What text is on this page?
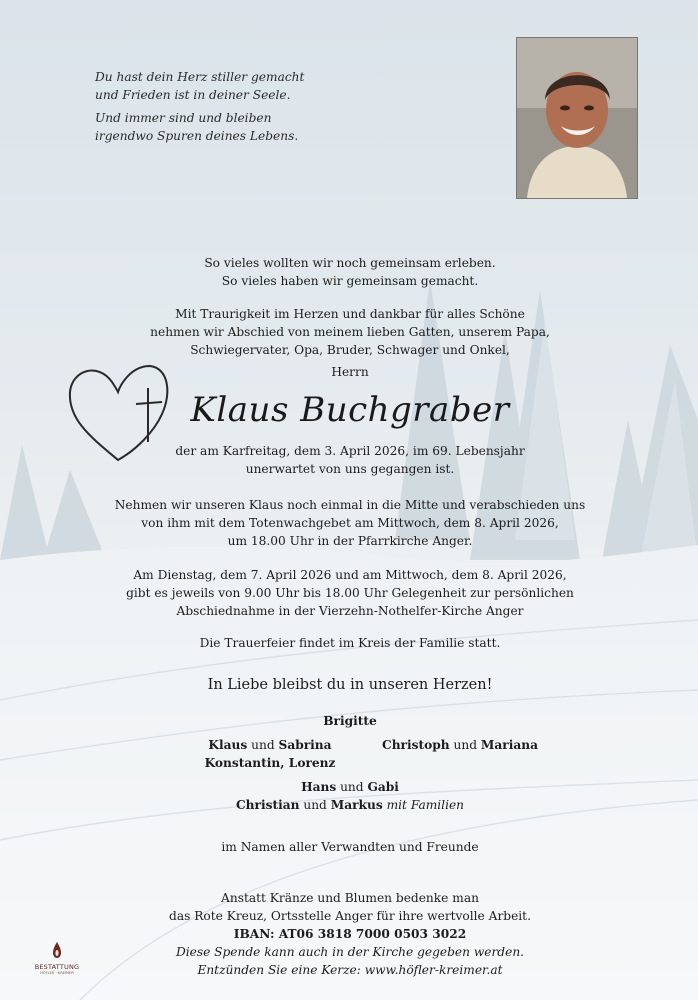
Du hast dein Herz stiller gemacht
und Frieden ist in deiner Seele.

Und immer sind und bleiben
irgendwo Spuren deines Lebens.

So vieles wollten wir noch gemeinsam erleben.

So vieles haben wir gemeinsam gemacht.

Mit Traurigkeit im Herzen und dankbar für alles Schöne

nehmen wir Abschied von meinem lieben Gatten, unserem Papa,

Schwiegervater, Opa, Bruder, Schwager und Onkel,

Herrn

Klaus Buchgraber

der am Karfreitag, dem 3. April 2026, im 69. Lebensjahr

unerwartet von uns gegangen ist.

Nehmen wir unseren Klaus noch einmal in die Mitte und verabschieden uns

von ihm mit dem Totenwachgebet am Mittwoch, dem 8. April 2026,

um 18.00 Uhr in der Pfarrkirche Anger.

Am Dienstag, dem 7. April 2026 und am Mittwoch, dem 8. April 2026,

gibt es jeweils von 9.00 Uhr bis 18.00 Uhr Gelegenheit zur persönlichen

Abschiednahme in der Vierzehn-Nothelfer-Kirche Anger

Die Trauerfeier findet im Kreis der Familie statt.
In Liebe bleibst du in unseren Herzen!
Brigitte
Klaus und Sabrina
Konstantin, Lorenz
Christoph und Mariana
Hans und Gabi
Christian und Markus mit Familien
im Namen aller Verwandten und Freunde

Anstatt Kränze und Blumen bedenke man

das Rote Kreuz, Ortsstelle Anger für ihre wertvolle Arbeit.

IBAN: AT06 3818 7000 0503 3022

Diese Spende kann auch in der Kirche gegeben werden.

Entzünden Sie eine Kerze: www.höfler-kreimer.at

BESTATTUNG
HÖFLER · KREIMER
